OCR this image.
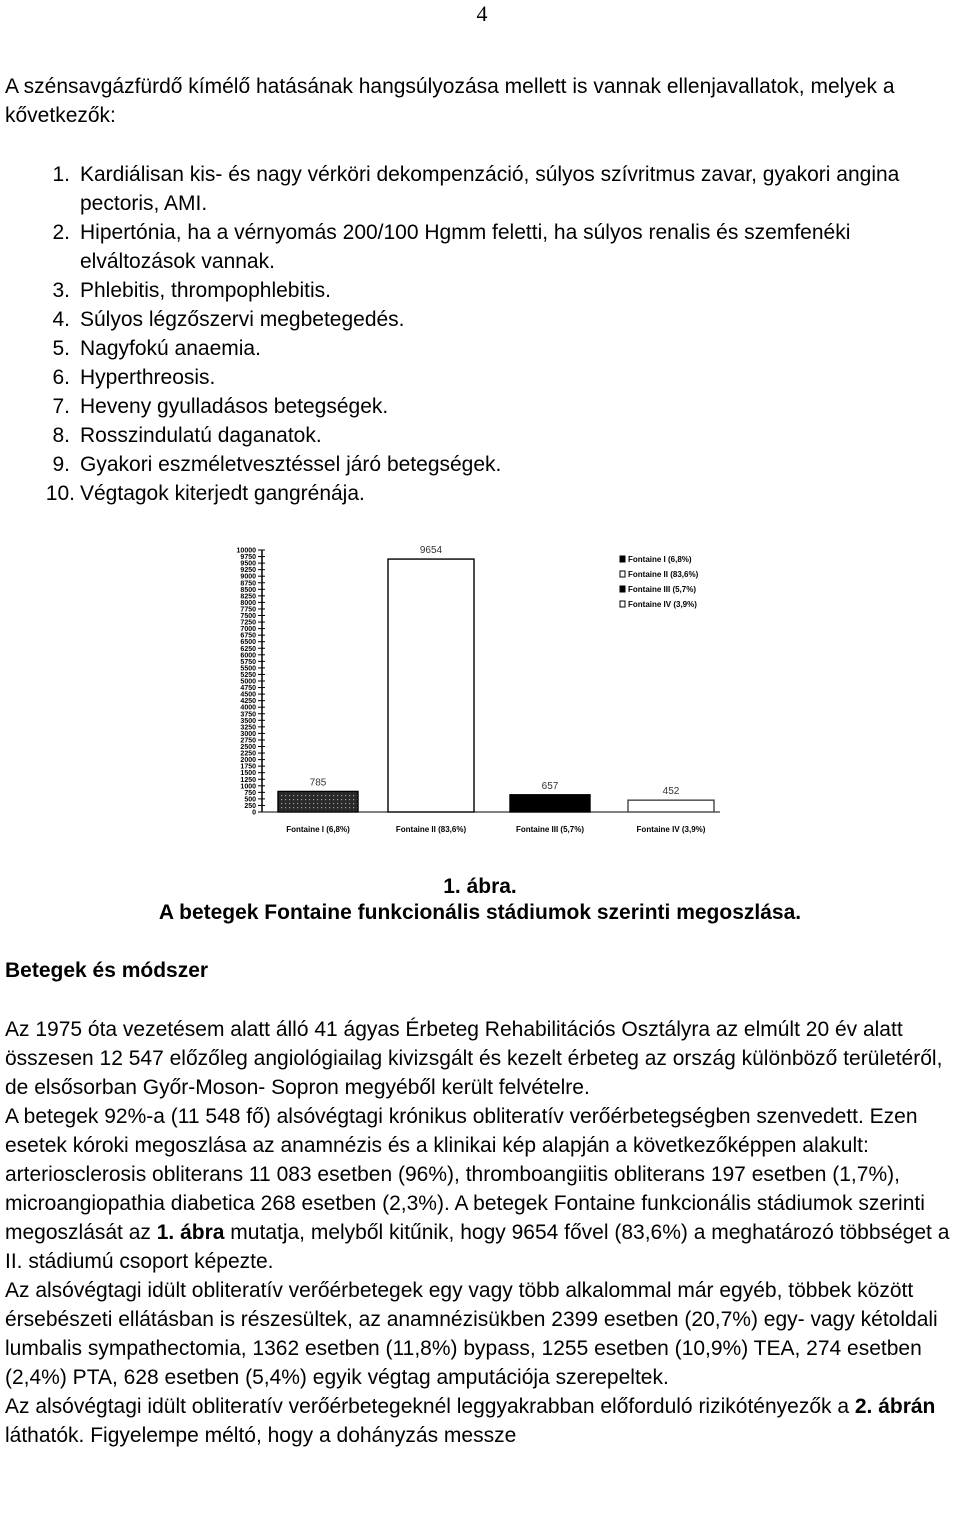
4

A szénsavgázfürdő kímélő hatásának hangsúlyozása mellett is vannak ellenjavallatok, melyek a kővetkezők:

1. Kardiálisan kis- és nagy vérköri dekompenzáció, súlyos szívritmus zavar, gyakori angina pectoris, AMI.
2. Hipertónia, ha a vérnyomás 200/100 Hgmm feletti, ha súlyos renalis és szemfenéki elváltozások vannak.
3. Phlebitis, thrompophlebitis.
4. Súlyos légzőszervi megbetegedés.
5. Nagyfokú anaemia.
6. Hyperthreosis.
7. Heveny gyulladásos betegségek.
8. Rosszindulatú daganatok.
9. Gyakori eszméletvesztéssel járó betegségek.
10. Végtagok kiterjedt gangrénája.
0
250
500
750
1000
1250
1500
1750
2000
2250
2500
2750
3000
3250
3500
3750
4000
4250
4500
4750
5000
5250
5500
5750
6000
6250
6500
6750
7000
7250
7500
7750
8000
8250
8500
8750
9000
9250
9500
9750
10000
785
Fontaine I (6,8%)
9654
Fontaine II (83,6%)
657
Fontaine III (5,7%)
452
Fontaine IV (3,9%)
Fontaine I (6,8%)
Fontaine II (83,6%)
Fontaine III (5,7%)
Fontaine IV (3,9%)
1. ábra.
A betegek Fontaine funkcionális stádiumok szerinti megoszlása.
Betegek és módszer

Az 1975 óta vezetésem alatt álló 41 ágyas Érbeteg Rehabilitációs Osztályra az elmúlt 20 év alatt összesen 12 547 előzőleg angiológiailag kivizsgált és kezelt érbeteg az ország különböző területéről, de elsősorban Győr-Moson- Sopron megyéből került felvételre.

A betegek 92%-a (11 548 fő) alsóvégtagi krónikus obliteratív verőérbetegségben szenvedett. Ezen esetek kóroki megoszlása az anamnézis és a klinikai kép alapján a következőképpen alakult: arteriosclerosis obliterans 11 083 esetben (96%), thromboangiitis obliterans 197 esetben (1,7%), microangiopathia diabetica 268 esetben (2,3%). A betegek Fontaine funkcionális stádiumok szerinti megoszlását az 1. ábra mutatja, melyből kitűnik, hogy 9654 fővel (83,6%) a meghatározó többséget a II. stádiumú csoport képezte.

Az alsóvégtagi idült obliteratív verőérbetegek egy vagy több alkalommal már egyéb, többek között érsebészeti ellátásban is részesültek, az anamnézisükben 2399 esetben (20,7%) egy- vagy kétoldali lumbalis sympathectomia, 1362 esetben (11,8%) bypass, 1255 esetben (10,9%) TEA, 274 esetben (2,4%) PTA, 628 esetben (5,4%) egyik végtag amputációja szerepeltek.

Az alsóvégtagi idült obliteratív verőérbetegeknél leggyakrabban előforduló rizikótényezők a 2. ábrán láthatók. Figyelempe méltó, hogy a dohányzás messze
